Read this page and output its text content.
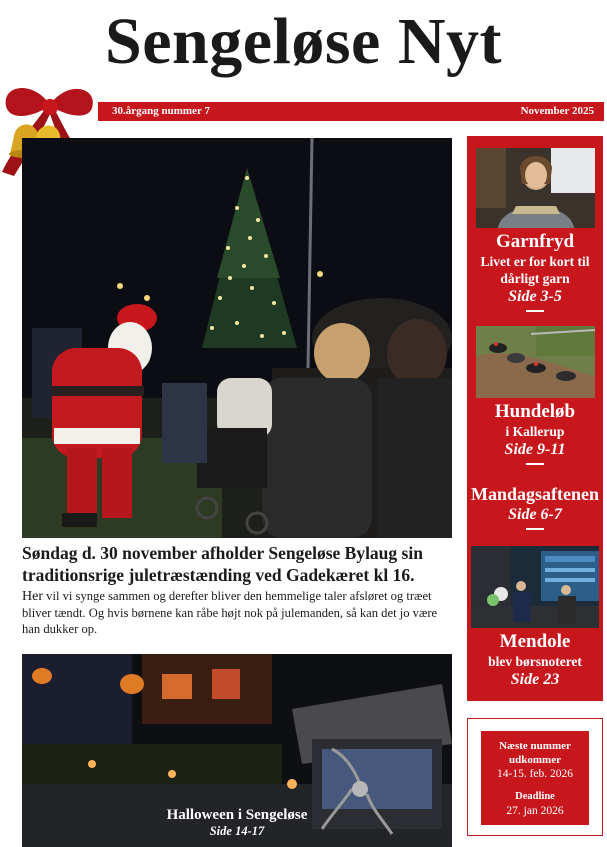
Sengeløse Nyt
30.årgang nummer 7	November 2025
Søndag d. 30 november afholder Sengeløse Bylaug sin traditionsrige juletræstænding ved Gadekæret kl 16.
Her vil vi synge sammen og derefter bliver den hemmelige taler afsløret og træet bliver tændt. Og hvis børnene kan råbe højt nok på julemanden, så kan det jo være han dukker op.
Halloween i Sengeløse
Side 14-17
Garnfryd
Livet er for kort til dårligt garn
Side 3-5
Hundeløb
i Kallerup
Side 9-11
Mandagsaftenen
Side 6-7
Mendole
blev børsnoteret
Side 23
Næste nummer
udkommer
14-15. feb. 2026
Deadline
27. jan 2026
